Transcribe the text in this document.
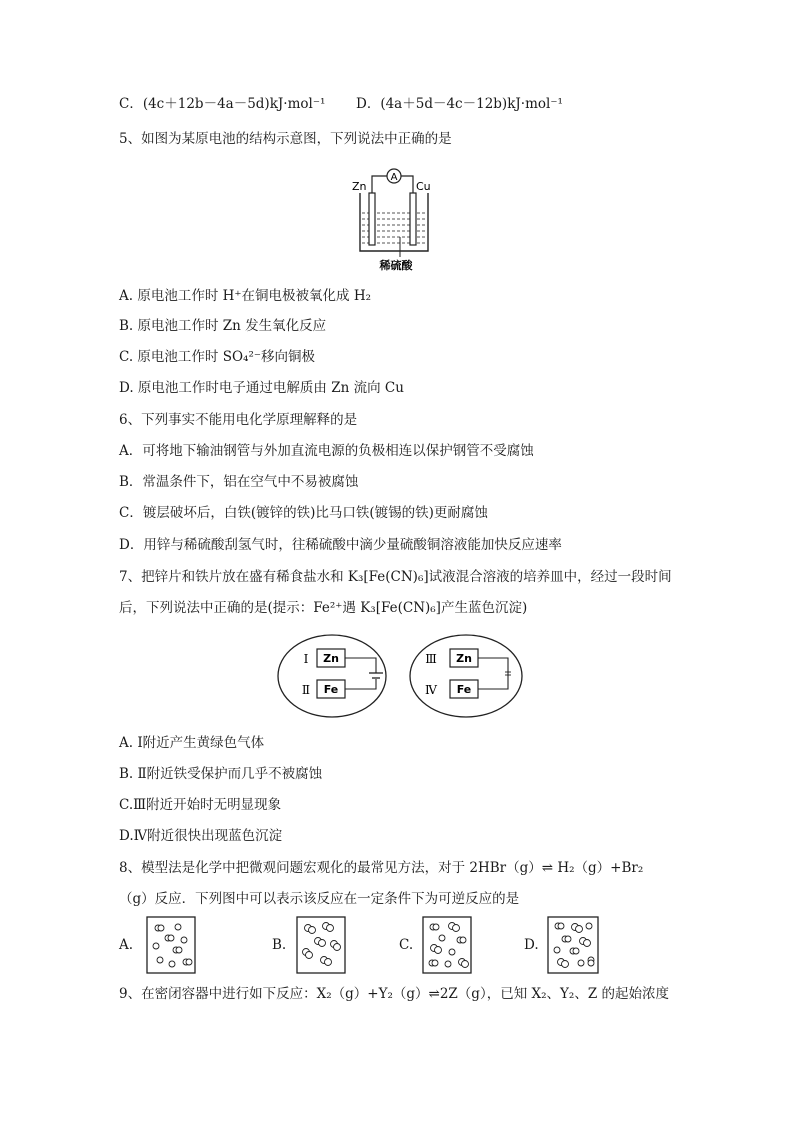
C．(4c＋12b－4a－5d)kJ·mol⁻¹ D．(4a＋5d－4c－12b)kJ·mol⁻¹
5、如图为某原电池的结构示意图，下列说法中正确的是
A
Zn	Cu
稀硫酸
A. 原电池工作时 H⁺在铜电极被氧化成 H₂
B. 原电池工作时 Zn 发生氧化反应
C. 原电池工作时 SO₄²⁻移向铜极
D. 原电池工作时电子通过电解质由 Zn 流向 Cu
6、下列事实不能用电化学原理解释的是
A．可将地下输油钢管与外加直流电源的负极相连以保护钢管不受腐蚀
B．常温条件下，铝在空气中不易被腐蚀
C．镀层破坏后，白铁(镀锌的铁)比马口铁(镀锡的铁)更耐腐蚀
D．用锌与稀硫酸刮氢气时，往稀硫酸中滴少量硫酸铜溶液能加快反应速率
7、把锌片和铁片放在盛有稀食盐水和 K₃[Fe(CN)₆]试液混合溶液的培养皿中，经过一段时间
后，下列说法中正确的是(提示：Fe²⁺遇 K₃[Fe(CN)₆]产生蓝色沉淀)
Ⅰ
Ⅱ
Zn
Fe
Ⅲ
Ⅳ
Zn
Fe
A. Ⅰ附近产生黄绿色气体
B. Ⅱ附近铁受保护而几乎不被腐蚀
C.Ⅲ附近开始时无明显现象
D.Ⅳ附近很快出现蓝色沉淀
8、模型法是化学中把微观问题宏观化的最常见方法，对于 2HBr（g）⇌ H₂（g）+Br₂
（g）反应．下列图中可以表示该反应在一定条件下为可逆反应的是
A.	B.	C.	D.
9、在密闭容器中进行如下反应：X₂（g）+Y₂（g）⇌2Z（g），已知 X₂、Y₂、Z 的起始浓度
